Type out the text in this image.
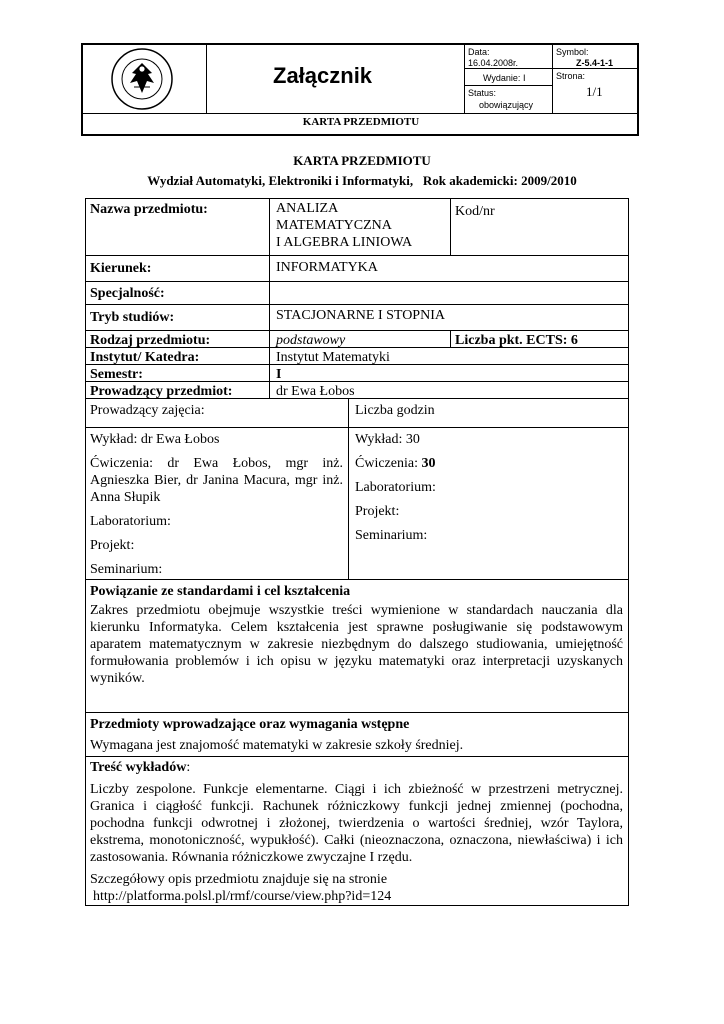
Załącznik
Data:
16.04.2008r.
Wydanie: I
Status:
obowiązujący
Symbol:
Z-5.4-1-1
Strona:
1/1
KARTA PRZEDMIOTU
KARTA PRZEDMIOTU
Wydział Automatyki, Elektroniki i Informatyki,   Rok akademicki: 2009/2010
Nazwa przedmiotu:	ANALIZA
MATEMATYCZNA
I ALGEBRA LINIOWA
Kod/nr
Kierunek:	INFORMATYKA
Specjalność:
Tryb studiów:	STACJONARNE I STOPNIA
Rodzaj przedmiotu:	podstawowy	Liczba pkt. ECTS: 6
Instytut/ Katedra:	Instytut Matematyki
Semestr:	I
Prowadzący przedmiot:	dr Ewa Łobos
Prowadzący zajęcia:	Liczba godzin
Wykład: dr Ewa Łobos
Ćwiczenia: dr Ewa Łobos, mgr inż. Agnieszka Bier, dr Janina Macura, mgr inż. Anna Słupik
Laboratorium:
Projekt:
Seminarium:
Wykład: 30
Ćwiczenia: 30
Laboratorium:
Projekt:
Seminarium:
Powiązanie ze standardami i cel kształcenia
Zakres przedmiotu obejmuje wszystkie treści wymienione w standardach nauczania dla kierunku Informatyka. Celem kształcenia jest sprawne posługiwanie się podstawowym aparatem matematycznym w zakresie niezbędnym do dalszego studiowania, umiejętność formułowania problemów i ich opisu w języku matematyki oraz interpretacji uzyskanych wyników.
Przedmioty wprowadzające oraz wymagania wstępne
Wymagana jest znajomość matematyki w zakresie szkoły średniej.
Treść wykładów:
Liczby zespolone. Funkcje elementarne. Ciągi i ich zbieżność w przestrzeni metrycznej. Granica i ciągłość funkcji. Rachunek różniczkowy funkcji jednej zmiennej (pochodna, pochodna funkcji odwrotnej i złożonej, twierdzenia o wartości średniej, wzór Taylora, ekstrema, monotoniczność, wypukłość). Całki (nieoznaczona, oznaczona, niewłaściwa) i ich zastosowania. Równania różniczkowe zwyczajne I rzędu.
Szczegółowy opis przedmiotu znajduje się na stronie
http://platforma.polsl.pl/rmf/course/view.php?id=124
